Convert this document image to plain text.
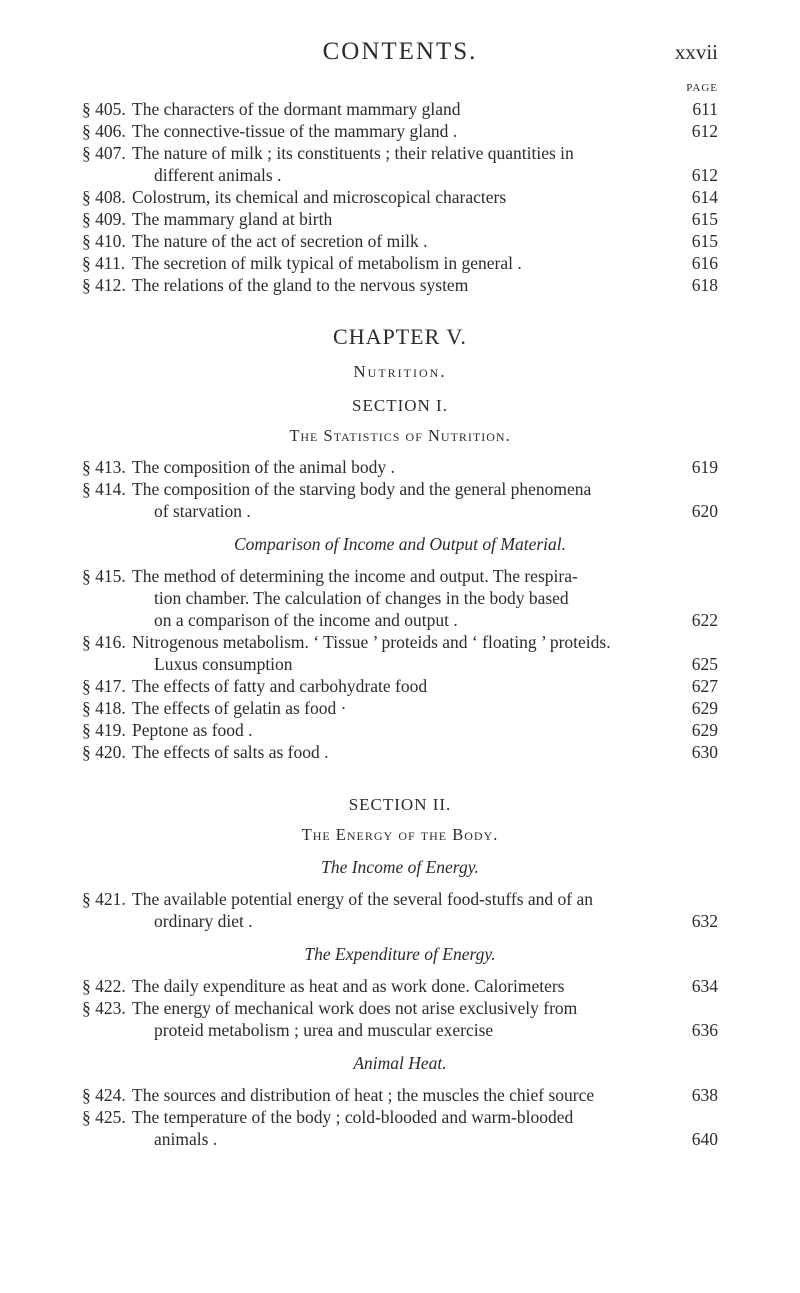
CONTENTS.	xxvii
PAGE
§ 405. The characters of the dormant mammary gland	611
§ 406. The connective-tissue of the mammary gland .	612
§ 407. The nature of milk ; its constituents ; their relative quantities in
different animals .	612
§ 408. Colostrum, its chemical and microscopical characters	614
§ 409. The mammary gland at birth	615
§ 410. The nature of the act of secretion of milk .	615
§ 411. The secretion of milk typical of metabolism in general .	616
§ 412. The relations of the gland to the nervous system	618
CHAPTER V.
Nutrition.
SECTION I.
The Statistics of Nutrition.
§ 413. The composition of the animal body .	619
§ 414. The composition of the starving body and the general phenomena
of starvation .	620
Comparison of Income and Output of Material.
§ 415. The method of determining the income and output. The respira-
tion chamber. The calculation of changes in the body based
on a comparison of the income and output .	622
§ 416. Nitrogenous metabolism. ‘ Tissue ’ proteids and ‘ floating ’ proteids.
Luxus consumption	625
§ 417. The effects of fatty and carbohydrate food	627
§ 418. The effects of gelatin as food ·	629
§ 419. Peptone as food .	629
§ 420. The effects of salts as food .	630
SECTION II.
The Energy of the Body.
The Income of Energy.
§ 421. The available potential energy of the several food-stuffs and of an
ordinary diet .	632
The Expenditure of Energy.
§ 422. The daily expenditure as heat and as work done. Calorimeters	634
§ 423. The energy of mechanical work does not arise exclusively from
proteid metabolism ; urea and muscular exercise	636
Animal Heat.
§ 424. The sources and distribution of heat ; the muscles the chief source	638
§ 425. The temperature of the body ; cold-blooded and warm-blooded
animals .	640
